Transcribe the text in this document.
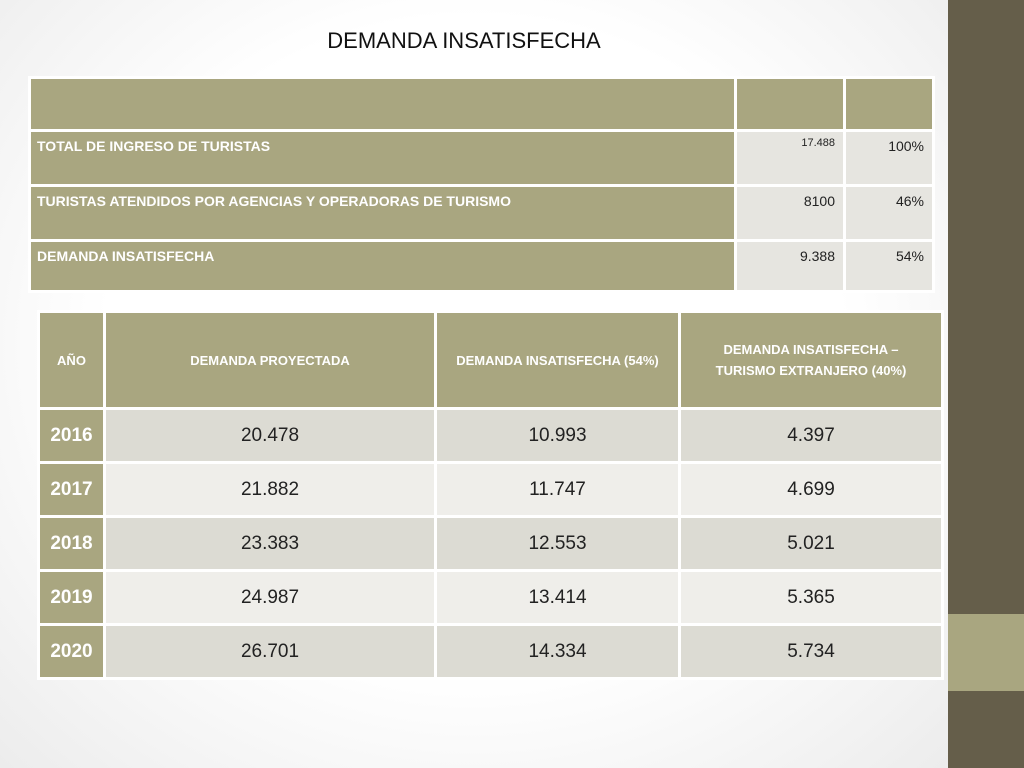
DEMANDA INSATISFECHA

TOTAL DE INGRESO DE TURISTAS	17.488	100%
TURISTAS ATENDIDOS POR AGENCIAS Y OPERADORAS DE TURISMO	8100	46%
DEMANDA INSATISFECHA	9.388	54%
AÑO	DEMANDA PROYECTADA	DEMANDA INSATISFECHA (54%)	DEMANDA INSATISFECHA –
TURISMO EXTRANJERO (40%)
2016	20.478	10.993	4.397
2017	21.882	11.747	4.699
2018	23.383	12.553	5.021
2019	24.987	13.414	5.365
2020	26.701	14.334	5.734
